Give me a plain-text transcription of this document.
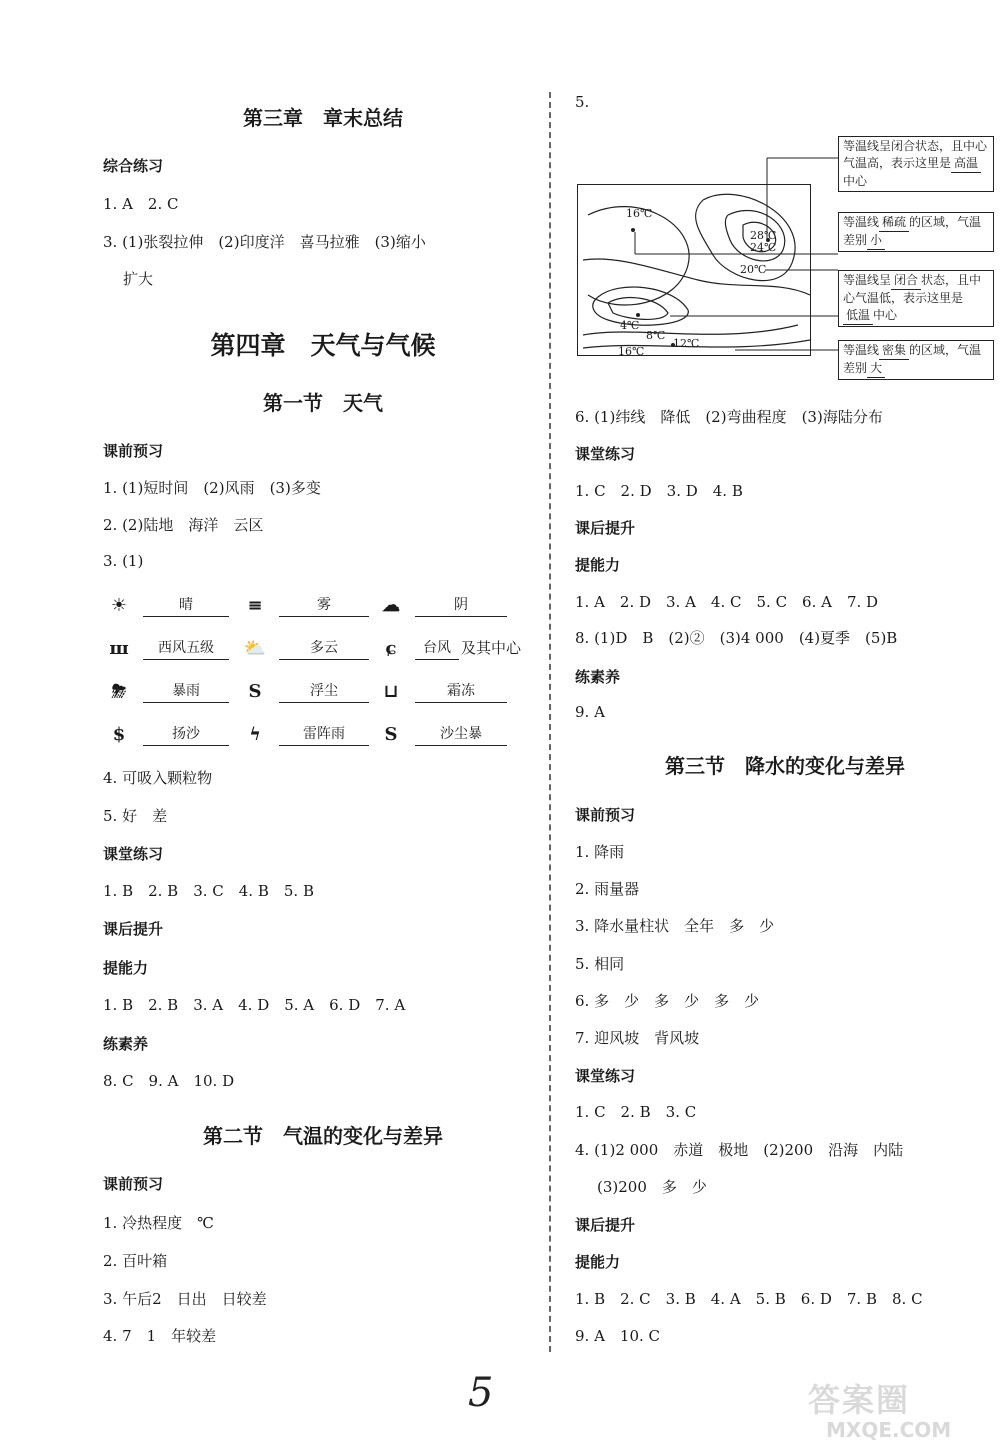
第三章　章末总结
综合练习
1. A　2. C
3. (1)张裂拉伸　(2)印度洋　喜马拉雅　(3)缩小
扩大
第四章　天气与气候
第一节　天气
课前预习
1. (1)短时间　(2)风雨　(3)多变
2. (2)陆地　海洋　云区
3. (1)
☀	晴	≡	雾	☁	阴
ш	西风五级	⛅	多云	ɕ	台风 及其中心
⛈	暴雨	S	浮尘	⊔	霜冻
$	扬沙	ϟ	雷阵雨	S	沙尘暴
4. 可吸入颗粒物
5. 好　差
课堂练习
1. B　2. B　3. C　4. B　5. B
课后提升
提能力
1. B　2. B　3. A　4. D　5. A　6. D　7. A
练素养
8. C　9. A　10. D
第二节　气温的变化与差异
课前预习
1. 冷热程度　℃
2. 百叶箱
3. 午后2　日出　日较差
4. 7　1　年较差
5.
16℃
28℃
24℃
20℃
4℃
8℃
12℃
16℃
等温线呈闭合状态，且中心气温高，表示这里是 高温中心
等温线 稀疏 的区域，气温差别 小
等温线呈 闭合 状态，且中心气温低，表示这里是低温 中心
等温线 密集 的区域，气温差别 大
6. (1)纬线　降低　(2)弯曲程度　(3)海陆分布
课堂练习
1. C　2. D　3. D　4. B
课后提升
提能力
1. A　2. D　3. A　4. C　5. C　6. A　7. D
8. (1)D　B　(2)②　(3)4 000　(4)夏季　(5)B
练素养
9. A
第三节　降水的变化与差异
课前预习
1. 降雨
2. 雨量器
3. 降水量柱状　全年　多　少
5. 相同
6. 多　少　多　少　多　少
7. 迎风坡　背风坡
课堂练习
1. C　2. B　3. C
4. (1)2 000　赤道　极地　(2)200　沿海　内陆
(3)200　多　少
课后提升
提能力
1. B　2. C　3. B　4. A　5. B　6. D　7. B　8. C
9. A　10. C
5	答案圈
MXQE.COM
